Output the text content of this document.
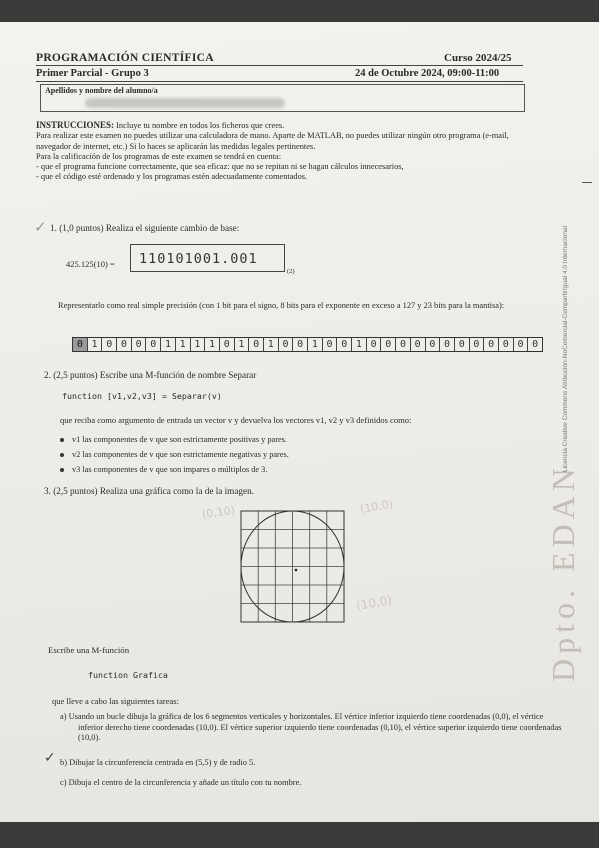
PROGRAMACIÓN CIENTÍFICA	Curso 2024/25
Primer Parcial - Grupo 3	24 de Octubre 2024, 09:00-11:00
Apellidos y nombre del alumno/a
INSTRUCCIONES: Incluye tu nombre en todos los ficheros que crees.
Para realizar este examen no puedes utilizar una calculadora de mano. Aparte de MATLAB, no puedes utilizar ningún otro programa (e-mail, navegador de internet, etc.) Si lo haces se aplicarán las medidas legales pertinentes.
Para la calificación de los programas de este examen se tendrá en cuenta:
- que el programa funcione correctamente, que sea eficaz: que no se repitan ni se hagan cálculos innecesarios,
- que el código esté ordenado y los programas estén adecuadamente comentados.
✓ 1. (1,0 puntos) Realiza el siguiente cambio de base:
425.125(10) = 110101001.001
(2)
Representarlo como real simple precisión (con 1 bit para el signo, 8 bits para el exponente en exceso a 127 y 23 bits para la mantisa):
0 1 0 0 0 0 1 1 1 1 0 1 0 1 0 0 1 0 0 1 0 0 0 0 0 0 0 0 0 0 0 0
2. (2,5 puntos) Escribe una M-función de nombre Separar
function [v1,v2,v3] = Separar(v)
que reciba como argumento de entrada un vector v y devuelva los vectores v1, v2 y v3 definidos como:
v1 las componentes de v que son estrictamente positivas y pares.
v2 las componentes de v que son estrictamente negativas y pares.
v3 las componentes de v que son impares o múltiplos de 3.
3. (2,5 puntos) Realiza una gráfica como la de la imagen.
(0,10)	(10,0)
(10,0)
Escribe una M-función
function Grafica
que lleve a cabo las siguientes tareas:
a) Usando un bucle dibuja la gráfica de los 6 segmentos verticales y horizontales. El vértice inferior izquierdo tiene coordenadas (0,0), el vértice inferior derecho tiene coordenadas (10,0). El vértice superior izquierdo tiene coordenadas (0,10), el vértice superior izquierdo tiene coordenadas (10,0).
✓ b) Dibujar la circunferencia centrada en (5,5) y de radio 5.
c) Dibuja el centro de la circunferencia y añade un título con tu nombre.
Licencia Creative Commons Atribución-NoComercial-CompartirIgual 4.0 Internacional
Dpto. EDAN
